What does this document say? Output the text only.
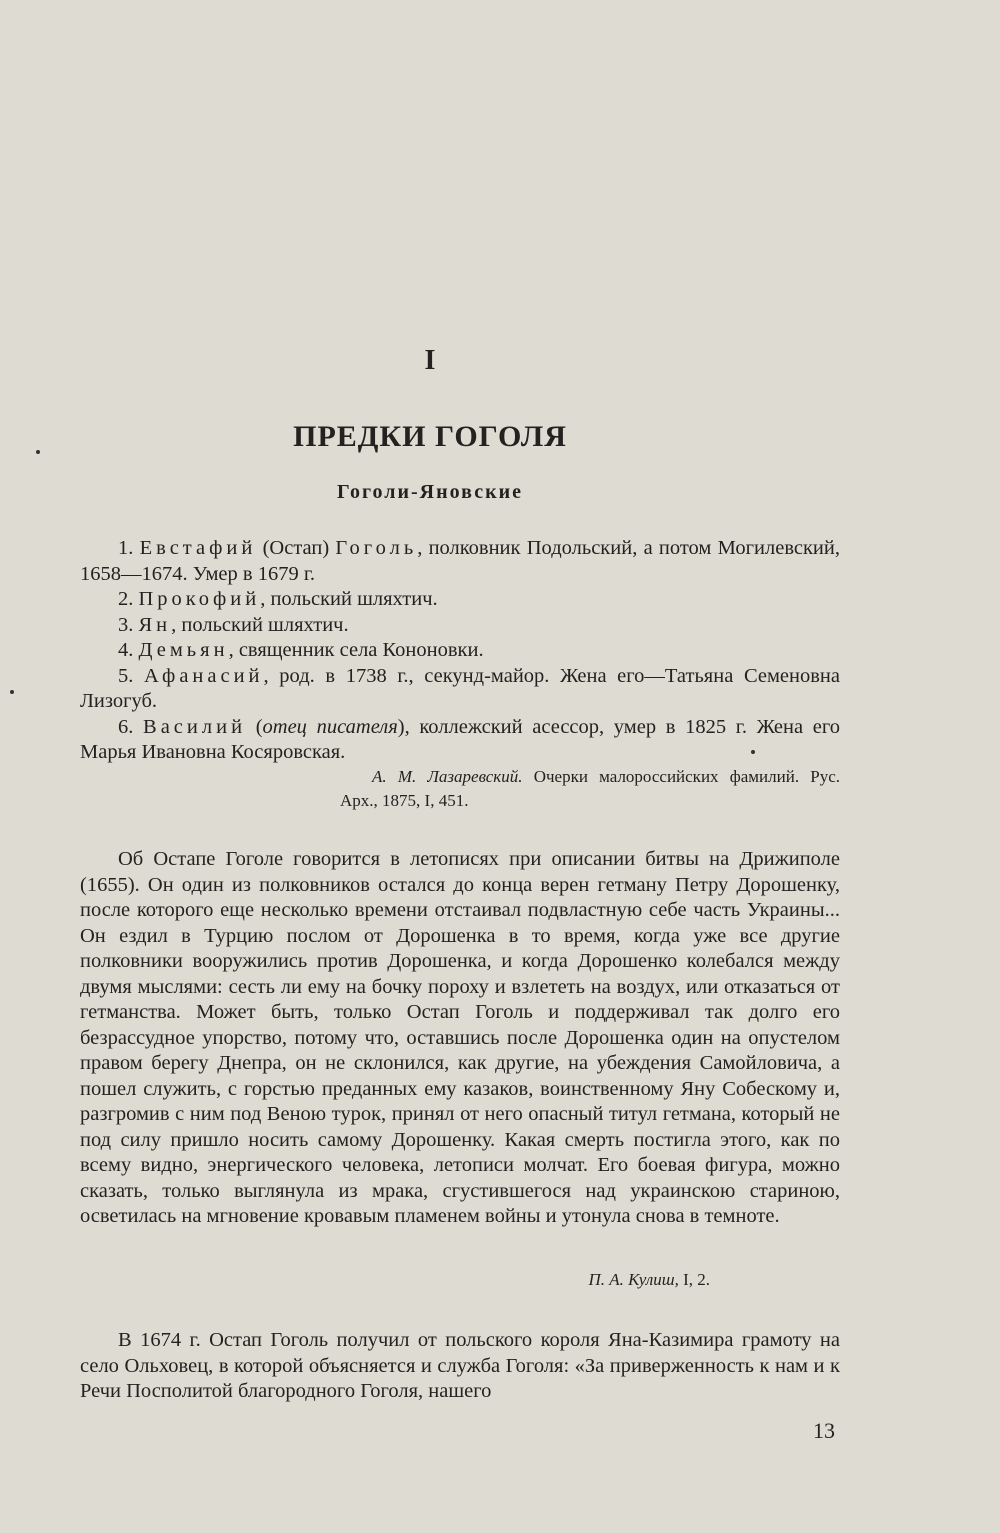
I
ПРЕДКИ ГОГОЛЯ
Гоголи-Яновские

1. Евстафий (Остап) Гоголь, полковник Подольский, а потом Могилевский, 1658—1674. Умер в 1679 г.

2. Прокофий, польский шляхтич.

3. Ян, польский шляхтич.

4. Демьян, священник села Кононовки.

5. Афанасий, род. в 1738 г., секунд-майор. Жена его—Татьяна Семеновна Лизогуб.

6. Василий (отец писателя), коллежский асессор, умер в 1825 г. Жена его Марья Ивановна Косяровская.

А. М. Лазаревский. Очерки малороссийских фамилий. Рус. Арх., 1875, I, 451.

Об Остапе Гоголе говорится в летописях при описании битвы на Дрижиполе (1655). Он один из полковников остался до конца верен гетману Петру Дорошенку, после которого еще несколько времени отстаивал подвластную себе часть Украины... Он ездил в Турцию послом от Дорошенка в то время, когда уже все другие полковники вооружились против Дорошенка, и когда Дорошенко колебался между двумя мыслями: сесть ли ему на бочку пороху и взлететь на воздух, или отказаться от гетманства. Может быть, только Остап Гоголь и поддерживал так долго его безрассудное упорство, потому что, оставшись после Дорошенка один на опустелом правом берегу Днепра, он не склонился, как другие, на убеждения Самойловича, а пошел служить, с горстью преданных ему казаков, воинственному Яну Собескому и, разгромив с ним под Веною турок, принял от него опасный титул гетмана, который не под силу пришло носить самому Дорошенку. Какая смерть постигла этого, как по всему видно, энергического человека, летописи молчат. Его боевая фигура, можно сказать, только выглянула из мрака, сгустившегося над украинскою стариною, осветилась на мгновение кровавым пламенем войны и утонула снова в темноте.

П. А. Кулиш, I, 2.

В 1674 г. Остап Гоголь получил от польского короля Яна-Казимира грамоту на село Ольховец, в которой объясняется и служба Гоголя: «За приверженность к нам и к Речи Посполитой благородного Гоголя, нашего

13
